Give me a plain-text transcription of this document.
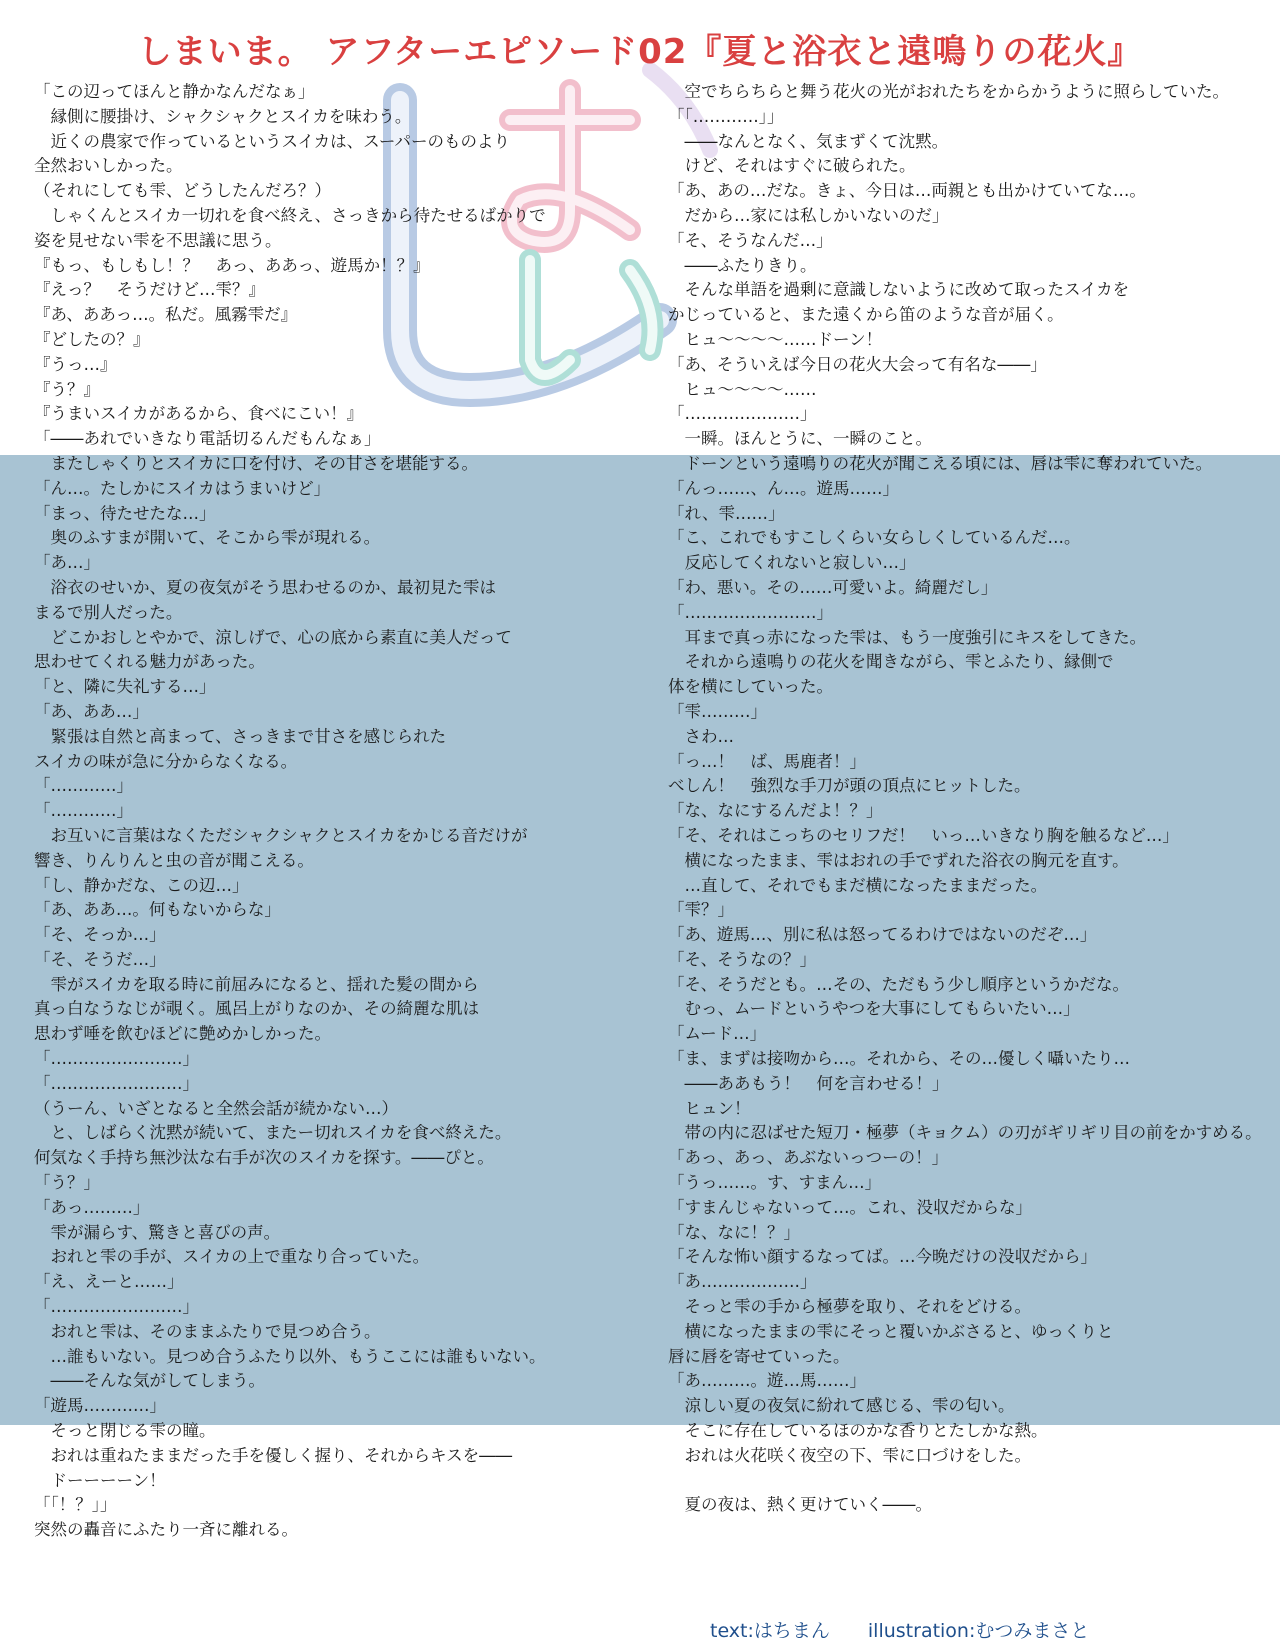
しまいま。 アフターエピソード02『夏と浴衣と遠鳴りの花火』
「この辺ってほんと静かなんだなぁ」
　縁側に腰掛け、シャクシャクとスイカを味わう。
　近くの農家で作っているというスイカは、スーパーのものより
全然おいしかった。
（それにしても雫、どうしたんだろ？）
　しゃくんとスイカ一切れを食べ終え、さっきから待たせるばかりで
姿を見せない雫を不思議に思う。
『もっ、もしもし！？　あっ、ああっ、遊馬か！？』
『えっ？　そうだけど…雫？』
『あ、ああっ…。私だ。風霧雫だ』
『どしたの？』
『うっ…』
『う？』
『うまいスイカがあるから、食べにこい！』
「――あれでいきなり電話切るんだもんなぁ」
　またしゃくりとスイカに口を付け、その甘さを堪能する。
「ん…。たしかにスイカはうまいけど」
「まっ、待たせたな…」
　奥のふすまが開いて、そこから雫が現れる。
「あ…」
　浴衣のせいか、夏の夜気がそう思わせるのか、最初見た雫は
まるで別人だった。
　どこかおしとやかで、涼しげで、心の底から素直に美人だって
思わせてくれる魅力があった。
「と、隣に失礼する…」
「あ、ああ…」
　緊張は自然と高まって、さっきまで甘さを感じられた
スイカの味が急に分からなくなる。
「…………」
「…………」
　お互いに言葉はなくただシャクシャクとスイカをかじる音だけが
響き、りんりんと虫の音が聞こえる。
「し、静かだな、この辺…」
「あ、ああ…。何もないからな」
「そ、そっか…」
「そ、そうだ…」
　雫がスイカを取る時に前屈みになると、揺れた髪の間から
真っ白なうなじが覗く。風呂上がりなのか、その綺麗な肌は
思わず唾を飲むほどに艶めかしかった。
「……………………」
「……………………」
（うーん、いざとなると全然会話が続かない…）
　と、しばらく沈黙が続いて、またー切れスイカを食べ終えた。
何気なく手持ち無沙汰な右手が次のスイカを探す。――ぴと。
「う？」
「あっ………」
　雫が漏らす、驚きと喜びの声。
　おれと雫の手が、スイカの上で重なり合っていた。
「え、えーと……」
「……………………」
　おれと雫は、そのままふたりで見つめ合う。
　…誰もいない。見つめ合うふたり以外、もうここには誰もいない。
　――そんな気がしてしまう。
「遊馬…………」
　そっと閉じる雫の瞳。
　おれは重ねたままだった手を優しく握り、それからキスを――
　ドーーーーン！
「「！？」」
突然の轟音にふたり一斉に離れる。
　空でちらちらと舞う花火の光がおれたちをからかうように照らしていた。
「「…………」」
　――なんとなく、気まずくて沈黙。
　けど、それはすぐに破られた。
「あ、あの…だな。きょ、今日は…両親とも出かけていてな…。
　だから…家には私しかいないのだ」
「そ、そうなんだ…」
　――ふたりきり。
　そんな単語を過剰に意識しないように改めて取ったスイカを
かじっていると、また遠くから笛のような音が届く。
　ヒュ～～～～……ドーン！
「あ、そういえば今日の花火大会って有名な――」
　ヒュ～～～～……
「…………………」
　一瞬。ほんとうに、一瞬のこと。
　ドーンという遠鳴りの花火が聞こえる頃には、唇は雫に奪われていた。
「んっ……、ん…。遊馬……」
「れ、雫……」
「こ、これでもすこしくらい女らしくしているんだ…。
　反応してくれないと寂しい…」
「わ、悪い。その……可愛いよ。綺麗だし」
「……………………」
　耳まで真っ赤になった雫は、もう一度強引にキスをしてきた。
　それから遠鳴りの花火を聞きながら、雫とふたり、縁側で
体を横にしていった。
「雫………」
　さわ…
「っ…！　ば、馬鹿者！」
べしん！　強烈な手刀が頭の頂点にヒットした。
「な、なにするんだよ！？」
「そ、それはこっちのセリフだ！　いっ…いきなり胸を触るなど…」
　横になったまま、雫はおれの手でずれた浴衣の胸元を直す。
　…直して、それでもまだ横になったままだった。
「雫？」
「あ、遊馬…、別に私は怒ってるわけではないのだぞ…」
「そ、そうなの？」
「そ、そうだとも。…その、ただもう少し順序というかだな。
　むっ、ムードというやつを大事にしてもらいたい…」
「ムード…」
「ま、まずは接吻から…。それから、その…優しく囁いたり…
　――ああもう！　何を言わせる！」
　ヒュン！
　帯の内に忍ばせた短刀・極夢（キョクム）の刃がギリギリ目の前をかすめる。
「あっ、あっ、あぶないっつーの！」
「うっ……。す、すまん…」
「すまんじゃないって…。これ、没収だからな」
「な、なに！？」
「そんな怖い顔するなってば。…今晩だけの没収だから」
「あ………………」
　そっと雫の手から極夢を取り、それをどける。
　横になったままの雫にそっと覆いかぶさると、ゆっくりと
唇に唇を寄せていった。
「あ………。遊…馬……」
　涼しい夏の夜気に紛れて感じる、雫の匂い。
　そこに存在しているほのかな香りとたしかな熱。
　おれは火花咲く夜空の下、雫に口づけをした。
　夏の夜は、熱く更けていく――。
text:はちまん　　illustration:むつみまさと
